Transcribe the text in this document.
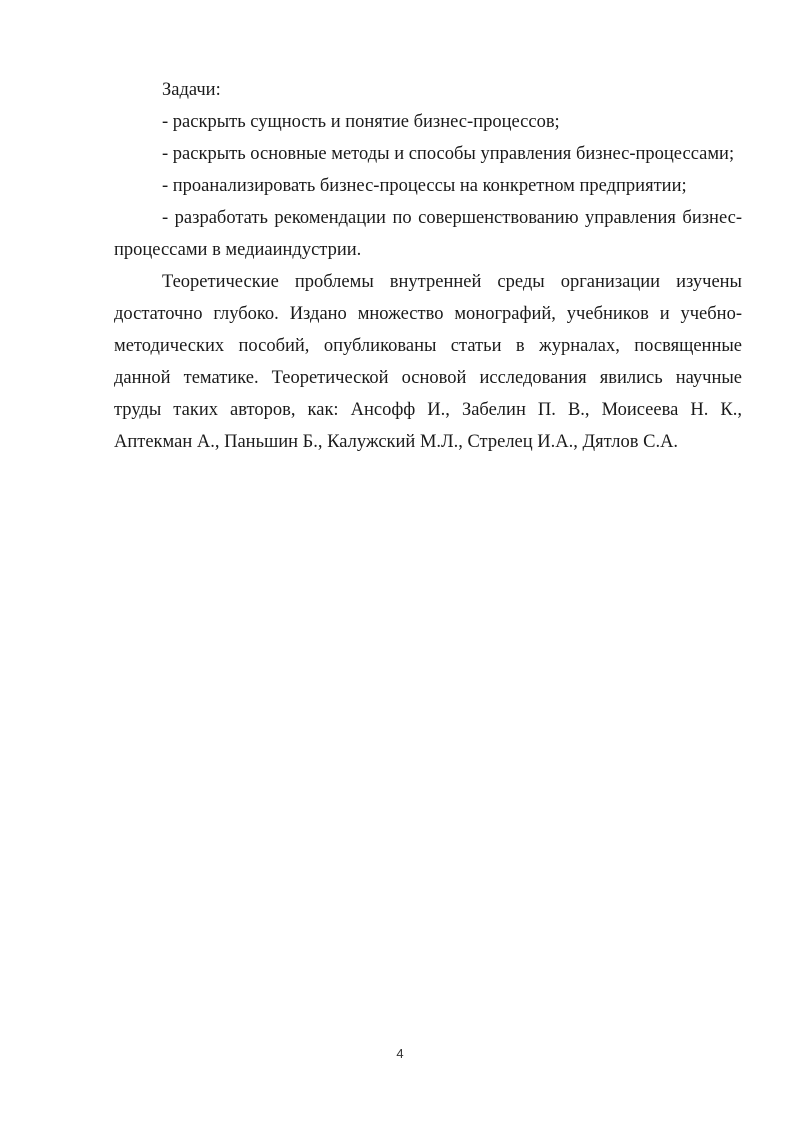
Задачи:

- раскрыть сущность и понятие бизнес-процессов;

- раскрыть основные методы и способы управления бизнес-процессами;

- проанализировать бизнес-процессы на конкретном предприятии;

- разработать рекомендации по совершенствованию управления бизнес-процессами в медиаиндустрии.

Теоретические проблемы внутренней среды организации изучены достаточно глубоко. Издано множество монографий, учебников и учебно-методических пособий, опубликованы статьи в журналах, посвященные данной тематике. Теоретической основой исследования явились научные труды таких авторов, как: Ансофф И., Забелин П. В., Моисеева Н. К., Аптекман А., Паньшин Б., Калужский М.Л., Стрелец И.А., Дятлов С.А.

4
